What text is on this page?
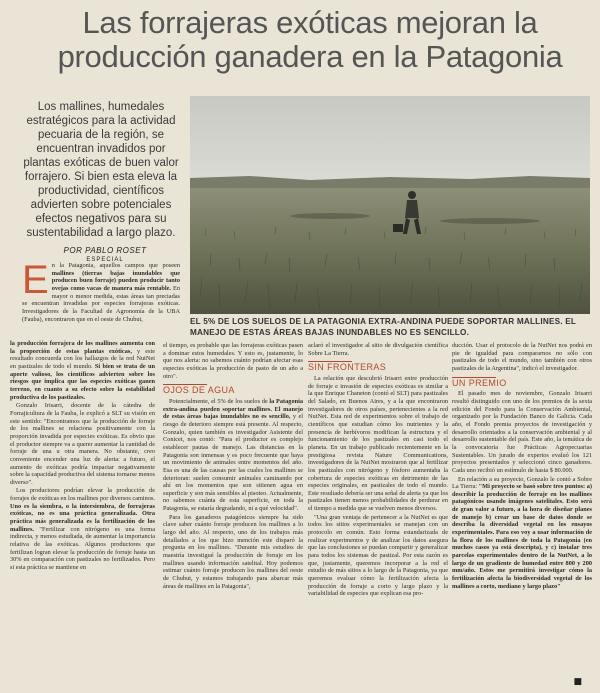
Las forrajeras exóticas mejoran la producción ganadera en la Patagonia
Los mallines, humedales estratégicos para la actividad pecuaria de la región, se encuentran invadidos por plantas exóticas de buen valor forrajero. Si bien esta eleva la productividad, científicos advierten sobre potenciales efectos negativos para su sustentabilidad a largo plazo.
POR PABLO ROSET
ESPECIAL
EL 5% DE LOS SUELOS DE LA PATAGONIA EXTRA-ANDINA PUEDE SOPORTAR MALLINES. EL MANEJO DE ESTAS ÁREAS BAJAS INUNDABLES NO ES SENCILLO.

En la Patagonia, aquellos campos que poseen mallines (tierras bajas inundables que producen buen forraje) pueden producir tanto ovejas como vacas de manera más rentable. En mayor o menor medida, estas áreas tan preciadas se encuentran invadidas por especies forrajeras exóticas. Investigadores de la Facultad de Agronomía de la UBA (Fauba), encontraron que en el oeste de Chubut,

la producción forrajera de los mallines aumenta con la proporción de estas plantas exóticas, y este resultado concuerda con los hallazgos de la red NutNet en pastizales de todo el mundo. Si bien se trata de un aporte valioso, los científicos advierten sobre los riesgos que implica que las especies exóticas ganen terreno, en cuanto a su efecto sobre la estabilidad productiva de los pastizales.

Gonzalo Irisarri, docente de la cátedra de Forrajicultura de la Fauba, le explicó a SLT su visión en este sentido: "Encontramos que la producción de forraje de los mallines se relaciona positivamente con la proporción invadida por especies exóticas. Es obvio que el productor siempre va a querer aumentar la cantidad de forraje de una u otra manera. No obstante, creo conveniente encender una luz de alerta: a futuro, el aumento de exóticas podría impactar negativamente sobre la capacidad productiva del sistema tornarse menos diverso".

Los productores podrían elevar la producción de forrajes de exóticas en los mallines por diversos caminos. Uno es la siembra, o la intersiembra, de forrajeras exóticas, no es una práctica generalizada. Otra práctica más generalizada es la fertilización de los mallines. "Fertilizar con nitrógeno es una forma indirecta, y menos estudiada, de aumentar la importancia relativa de las exóticas. Algunos productores que fertilizan logran elevar la producción de forraje hasta un 30% en comparación con pastizales no fertilizados. Pero si esta práctica se mantiene en

el tiempo, es probable que las forrajeras exóticas pasen a dominar estos humedales. Y esto es, justamente, lo que nos alerta: no sabemos cuánto podrían afectar esas especies exóticas la producción de pasto de un año a otro".

OJOS DE AGUA

Potencialmente, el 5% de los suelos de la Patagonia extra-andina pueden soportar mallines. El manejo de estas áreas bajas inundables no es sencillo, y el riesgo de deterioro siempre está presente. Al respecto, Gonzalo, quien también es investigador Asistente del Conicet, nos contó: "Para el productor es complejo establecer pautas de manejo. Las distancias en la Patagonia son inmensas y es poco frecuente que haya un movimiento de animales entre momentos del año. Esa es una de las causas por las cuales los mallines se deterioran: suelen consumir animales caminando por ahí en los momentos que son sitienen agua en superficie y son más sensibles al pisoteo. Actualmente, no sabemos cuánta de esta superficie, en toda la Patagonia, se estaría degradando, ni a qué velocidad".

Para los ganaderos patagónicos siempre ha sido clave saber cuánto forraje producen los mallines a lo largo del año. Al respecto, uno de los trabajos más detallados a los que hizo mención este disparó la pregunta en los mallines. "Durante mis estudios de maestría investigué la producción de forraje en los mallines usando información satelital. Hoy podemos estimar cuánto forraje producen los mallines del oeste de Chubut, y estamos trabajando para abarcar más áreas de mallines en la Patagonia",

aclaró el investigador al sitio de divulgación científica Sobre La Tierra.

SIN FRONTERAS

La relación que descubrió Irisarri entre producción de forraje e invasión de especies exóticas es similar a la que Enrique Chaneton (contó el SLT) para pastizales del Salado, en Buenos Aires, y a la que encontraron investigadores de otros países, pertenecientes a la red NutNet. Esta red de experimentos sobre el trabajo de científicos que estudian cómo los nutrientes y la presencia de herbívoros modifican la estructura y el funcionamiento de los pastizales en casi todo el planeta. En un trabajo publicado recientemente en la prestigiosa revista Nature Communications, investigadores de la NutNet mostraron que al fertilizar los pastizales con nitrógeno y fósforo aumentaba la cobertura de especies exóticas en detrimento de las especies originales, en pastizales de todo el mundo. Este resultado debería ser una señal de alerta ya que los pastizales tienen menos probabilidades de perdurar en el tiempo a medida que se vuelven menos diversos.

"Una gran ventaja de pertenecer a la NutNet es que todos los sitios experimentales se manejan con un protocolo en común. Esto forma estandarizada de realizar experimentos y de analizar los datos asegura que las conclusiones se puedan compartir y generalizar para todos los sistemas de pastizal. Por esta razón es que, justamente, queremos incorporar a la red el estudio de más sitios a lo largo de la Patagonia, ya que queremos evaluar cómo la fertilización afecta la producción de forraje a corto y largo plazo y la variabilidad de especies que explican esa pro-

ducción. Usar el protocolo de la NutNet nos podrá en pie de igualdad para compararnos no sólo con pastizales de todo el mundo, sino también con otros pastizales de la Argentina", indicó el investigador.

UN PREMIO

El pasado mes de noviembre, Gonzalo Irisarri resultó distinguido con uno de los premios de la sexta edición del Fondo para la Conservación Ambiental, organizado por la Fundación Banco de Galicia. Cada año, el Fondo premia proyectos de investigación y desarrollo orientados a la conservación ambiental y al desarrollo sustentable del país. Este año, la temática de la convocatoria fue Prácticas Agropecuarias Sustentables. Un jurado de expertos evaluó los 121 proyectos presentados y seleccionó cinco ganadores. Cada uno recibió un estímulo de hasta $ 80.000.

En relación a su proyecto, Gonzalo le contó a Sobre La Tierra: "Mi proyecto se basó sobre tres puntos: a) describir la producción de forraje en los mallines patagónicos usando imágenes satelitales. Esto será de gran valor a futuro, a la hora de diseñar planes de manejo b) crear un base de datos donde se describa la diversidad vegetal en los ensayos experimentales. Para eso voy a usar información de la flora de los mallines de toda la Patagonia (en muchos casos ya está descripta), y c) instalar tres parcelas experimentales dentro de la NutNet, a lo largo de un gradiente de humedad entre 800 y 200 mm/año. Estos me permitirá investigar cómo la fertilización afecta la biodiversidad vegetal de los mallines a corto, mediano y largo plazo"

■
